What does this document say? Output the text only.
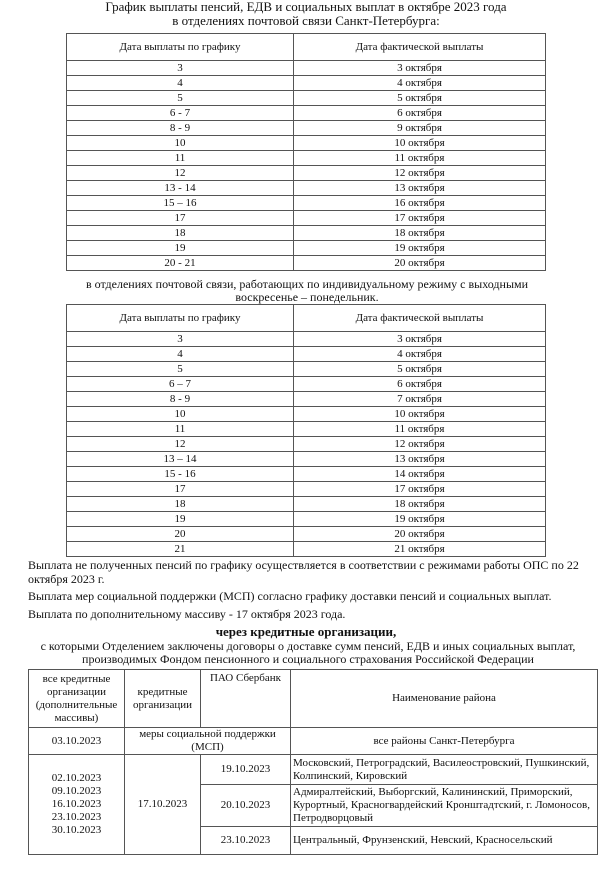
График выплаты пенсий, ЕДВ и социальных выплат в октябре 2023 года
в отделениях почтовой связи Санкт-Петербурга:
Дата выплаты по графику	Дата фактической выплаты
3	3 октября
4	4 октября
5	5 октября
6 - 7	6 октября
8 - 9	9 октября
10	10 октября
11	11 октября
12	12 октября
13 - 14	13 октября
15 – 16	16 октября
17	17 октября
18	18 октября
19	19 октября
20 - 21	20 октября
в отделениях почтовой связи, работающих по индивидуальному режиму с выходными воскресенье – понедельник.
Дата выплаты по графику	Дата фактической выплаты
3	3 октября
4	4 октября
5	5 октября
6 – 7	6 октября
8 - 9	7 октября
10	10 октября
11	11 октября
12	12 октября
13 – 14	13 октября
15 - 16	14 октября
17	17 октября
18	18 октября
19	19 октября
20	20 октября
21	21 октября
Выплата не полученных пенсий по графику осуществляется в соответствии с режимами работы ОПС по 22 октября 2023 г.
Выплата мер социальной поддержки (МСП) согласно графику доставки пенсий и социальных выплат.
Выплата по дополнительному массиву - 17 октября 2023 года.
через кредитные организации,
с которыми Отделением заключены договоры о доставке сумм пенсий, ЕДВ и иных социальных выплат, производимых Фондом пенсионного и социального страхования Российской Федерации
все кредитные организации (дополнительные массивы)	кредитные организации	ПАО Сбербанк	Наименование района
03.10.2023	меры социальной поддержки (МСП)		все районы Санкт-Петербурга

02.10.2023
09.10.2023
16.10.2023
23.10.2023
30.10.2023	17.10.2023	19.10.2023	Московский, Петроградский, Василеостровский, Пушкинский, Колпинский, Кировский
		20.10.2023	Адмиралтейский, Выборгский, Калининский, Приморский, Курортный, Красногвардейский Кронштадтский, г. Ломоносов, Петродворцовый
		23.10.2023	Центральный, Фрунзенский, Невский, Красносельский
